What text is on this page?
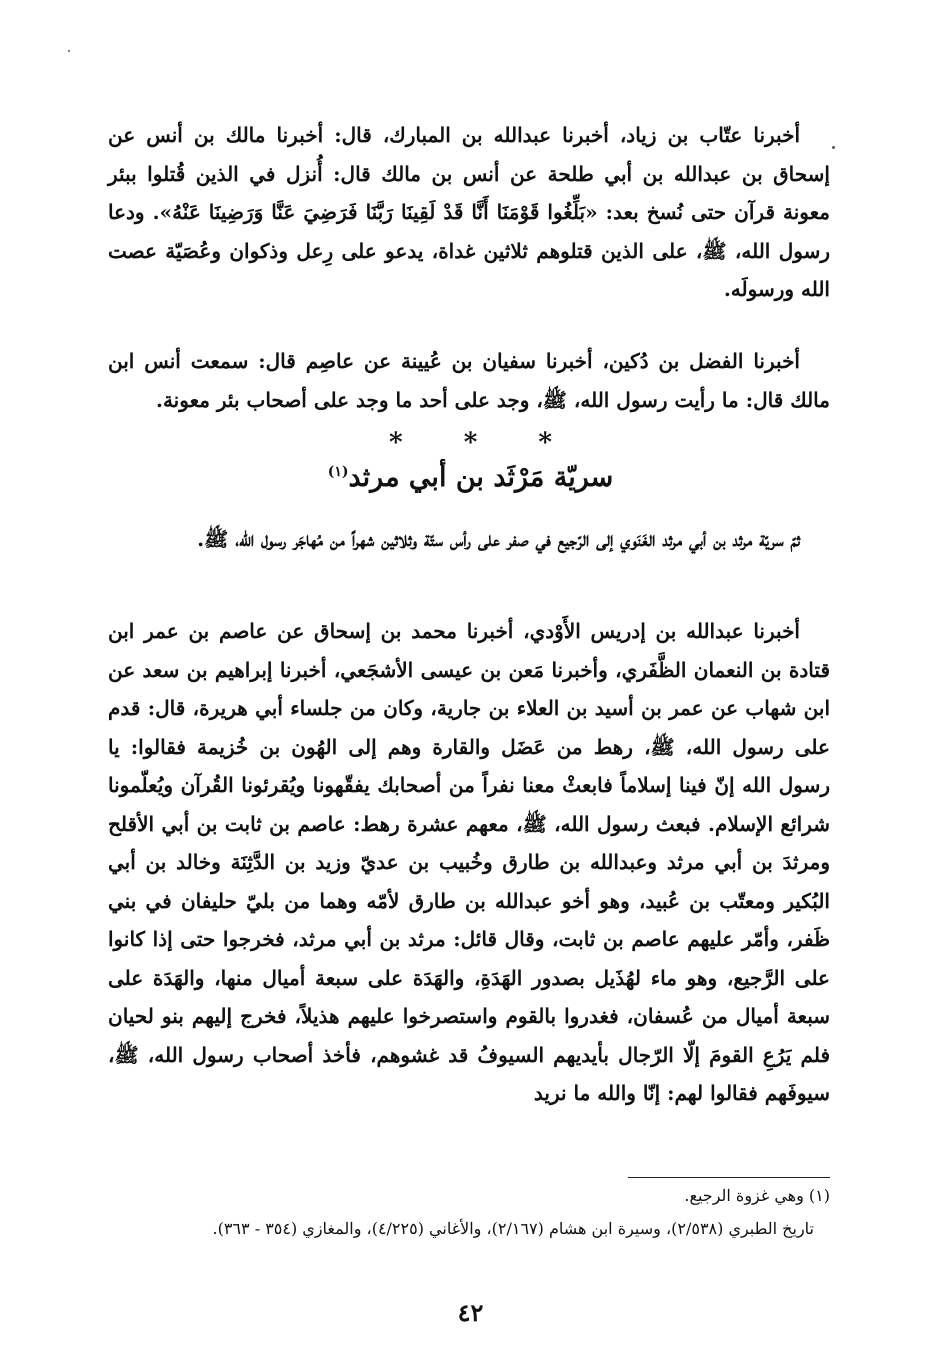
أخبرنا عتّاب بن زياد، أخبرنا عبدالله بن المبارك، قال: أخبرنا مالك بن أنس عن إسحاق بن عبدالله بن أبي طلحة عن أنس بن مالك قال: أُنزل في الذين قُتلوا ببئر معونة قرآن حتى نُسخ بعد: «بَلِّغُوا قَوْمَنَا أَنَّا قَدْ لَقِينَا رَبَّنَا فَرَضِيَ عَنَّا وَرَضِينَا عَنْهُ». ودعا رسول الله، ﷺ، على الذين قتلوهم ثلاثين غداة، يدعو على رِعل وذكوان وعُصَيّة عصت الله ورسولَه.

أخبرنا الفضل بن دُكين، أخبرنا سفيان بن عُيينة عن عاصِم قال: سمعت أنس ابن مالك قال: ما رأيت رسول الله، ﷺ، وجد على أحد ما وجد على أصحاب بئر معونة.

* * *
سريّة مَرْثَد بن أبي مرثد$^{(١)}$

ثمّ سريّة مرثد بن أبي مرثد الغَنَوي إلى الرّجيع في صفر على رأس ستّة وثلاثين شهراً من مُهاجَر رسول الله، ﷺ.

أخبرنا عبدالله بن إدريس الأَوْدي، أخبرنا محمد بن إسحاق عن عاصم بن عمر ابن قتادة بن النعمان الظَّفَري، وأخبرنا مَعن بن عيسى الأشجَعي، أخبرنا إبراهيم بن سعد عن ابن شهاب عن عمر بن أسيد بن العلاء بن جارية، وكان من جلساء أبي هريرة، قال: قدم على رسول الله، ﷺ، رهط من عَضَل والقارة وهم إلى الهُون بن خُزيمة فقالوا: يا رسول الله إنّ فينا إسلاماً فابعثْ معنا نفراً من أصحابك يفقّهونا ويُقرئونا القُرآن ويُعلّمونا شرائع الإسلام. فبعث رسول الله، ﷺ، معهم عشرة رهط: عاصم بن ثابت بن أبي الأقلح ومرثدَ بن أبي مرثد وعبدالله بن طارق وخُبيب بن عديّ وزيد بن الدَّثِنَة وخالد بن أبي البُكير ومعتّب بن عُبيد، وهو أخو عبدالله بن طارق لأمّه وهما من بليّ حليفان في بني ظَفر، وأمّر عليهم عاصم بن ثابت، وقال قائل: مرثد بن أبي مرثد، فخرجوا حتى إذا كانوا على الرَّجيع، وهو ماء لهُذَيل بصدور الهَدَةِ، والهَدَة على سبعة أميال منها، والهَدَة على سبعة أميال من عُسفان، فغدروا بالقوم واستصرخوا عليهم هذيلاً، فخرج إليهم بنو لحيان فلم يَرُعِ القومَ إلّا الرّجال بأيديهم السيوفُ قد غشوهم، فأخذ أصحاب رسول الله، ﷺ، سيوفَهم فقالوا لهم: إنّا والله ما نريد

(١) وهي غزوة الرجيع.

تاريخ الطبري (٢/٥٣٨)، وسيرة ابن هشام (٢/١٦٧)، والأغاني (٤/٢٢٥)، والمغازي (٣٥٤ - ٣٦٣).

٤٢
